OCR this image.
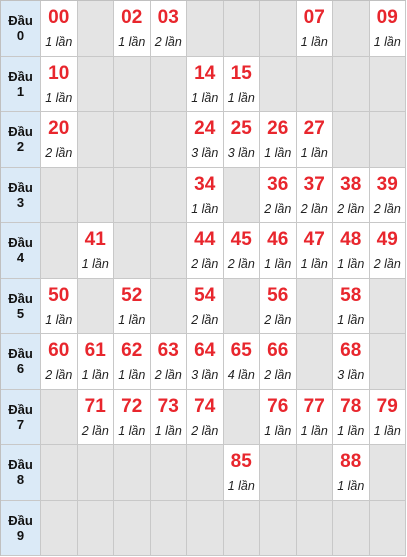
Đầu
0
00
1 lần
02
1 lần
03
2 lần
07
1 lần
09
1 lần
Đầu
1
10
1 lần
14
1 lần
15
1 lần
Đầu
2
20
2 lần
24
3 lần
25
3 lần
26
1 lần
27
1 lần
Đầu
3
34
1 lần
36
2 lần
37
2 lần
38
2 lần
39
2 lần
Đầu
4
41
1 lần
44
2 lần
45
2 lần
46
1 lần
47
1 lần
48
1 lần
49
2 lần
Đầu
5
50
1 lần
52
1 lần
54
2 lần
56
2 lần
58
1 lần
Đầu
6
60
2 lần
61
1 lần
62
1 lần
63
2 lần
64
3 lần
65
4 lần
66
2 lần
68
3 lần
Đầu
7
71
2 lần
72
1 lần
73
1 lần
74
2 lần
76
1 lần
77
1 lần
78
1 lần
79
1 lần
Đầu
8
85
1 lần
88
1 lần
Đầu
9
